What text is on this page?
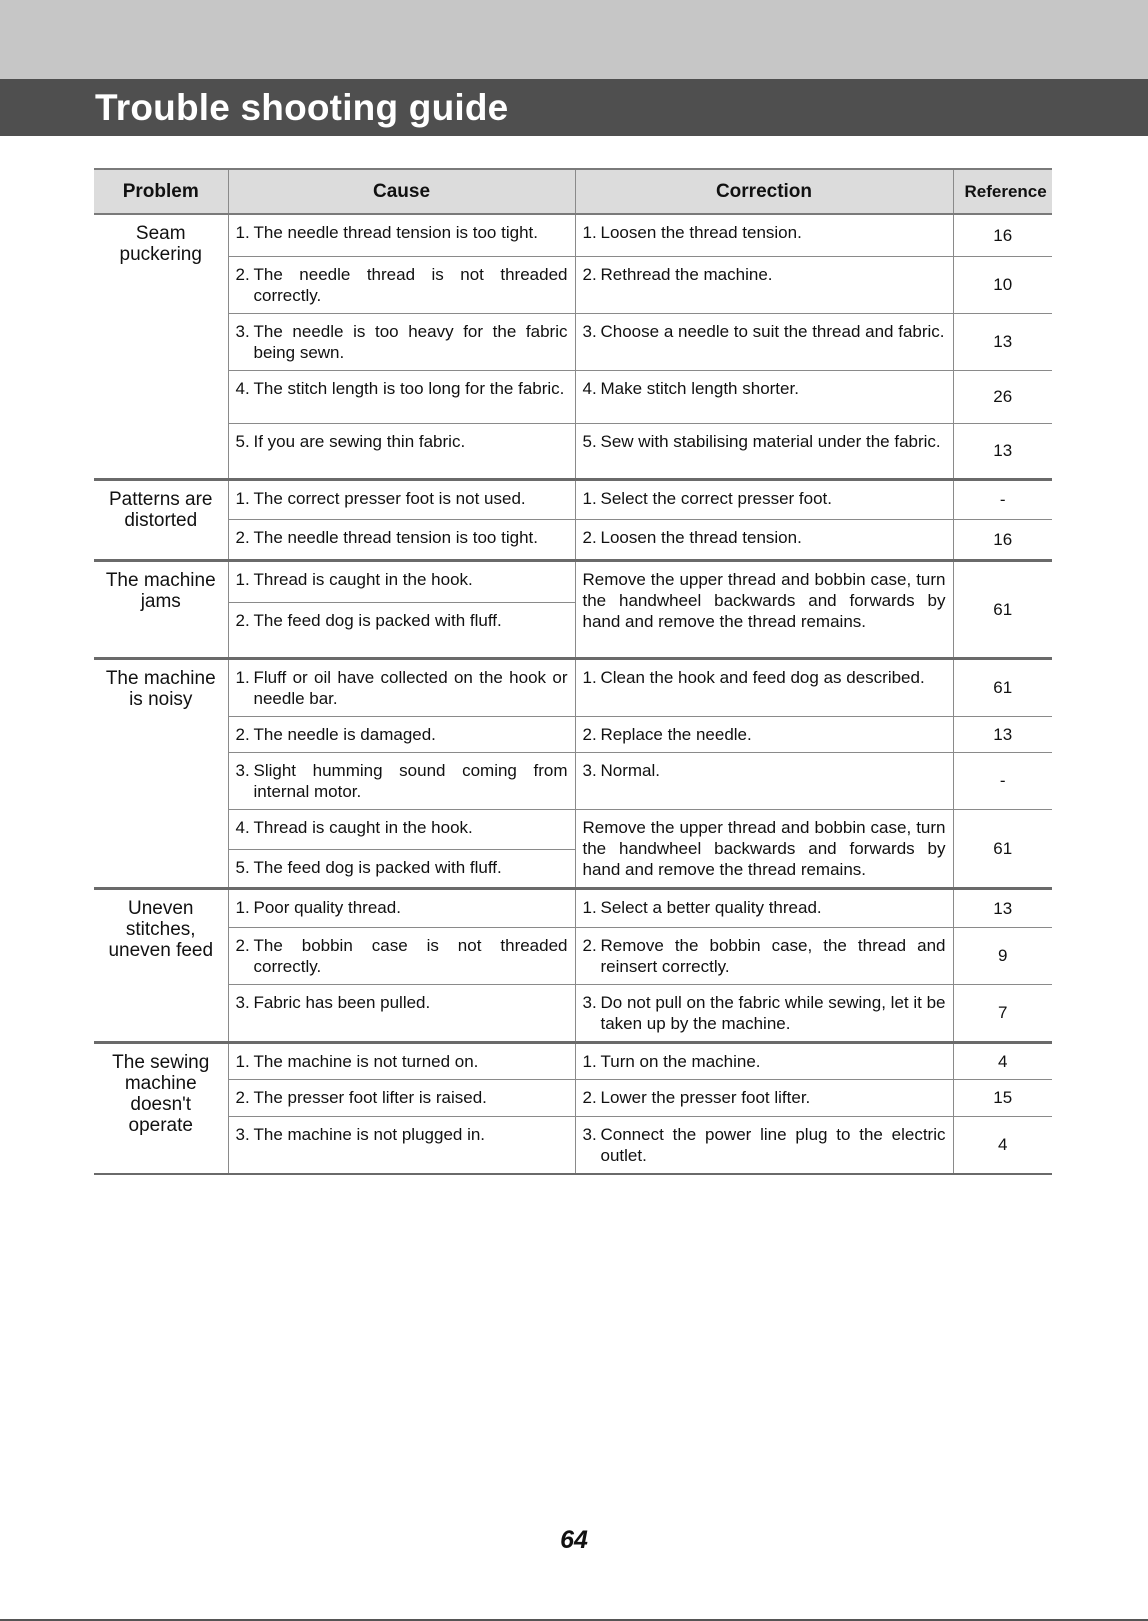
Trouble shooting guide
Problem	Cause	Correction	Reference
Seam puckering	1. The needle thread tension is too tight.	1. Loosen the thread tension.	16

	2. The needle thread is not threaded correctly.	2. Rethread the machine.	10

	3. The needle is too heavy for the fabric being sewn.	3. Choose a needle to suit the thread and fabric.	13

	4. The stitch length is too long for the fabric.	4. Make stitch length shorter.	26

	5. If you are sewing thin fabric.	5. Sew with stabilising material under the fabric.	13
Patterns are distorted	1. The correct presser foot is not used.	1. Select the correct presser foot.	-

	2. The needle thread tension is too tight.	2. Loosen the thread tension.	16
The machine jams	1. Thread is caught in the hook.	Remove the upper thread and bobbin case, turn the handwheel backwards and forwards by hand and remove the thread remains.	61

	2. The feed dog is packed with fluff.		

The machine is noisy	1. Fluff or oil have collected on the hook or needle bar.	1. Clean the hook and feed dog as described.	61

	2. The needle is damaged.	2. Replace the needle.	13

	3. Slight humming sound coming from internal motor.	3. Normal.	-

	4. Thread is caught in the hook.	Remove the upper thread and bobbin case, turn the handwheel backwards and forwards by hand and remove the thread remains.	61

	5. The feed dog is packed with fluff.		

Uneven stitches, uneven feed	1. Poor quality thread.	1. Select a better quality thread.	13

	2. The bobbin case is not threaded correctly.	2. Remove the bobbin case, the thread and reinsert correctly.	9

	3. Fabric has been pulled.	3. Do not pull on the fabric while sewing, let it be taken up by the machine.	7
The sewing machine doesn't operate	1. The machine is not turned on.	1. Turn on the machine.	4

	2. The presser foot lifter is raised.	2. Lower the presser foot lifter.	15

	3. The machine is not plugged in.	3. Connect the power line plug to the electric outlet.	4
64
